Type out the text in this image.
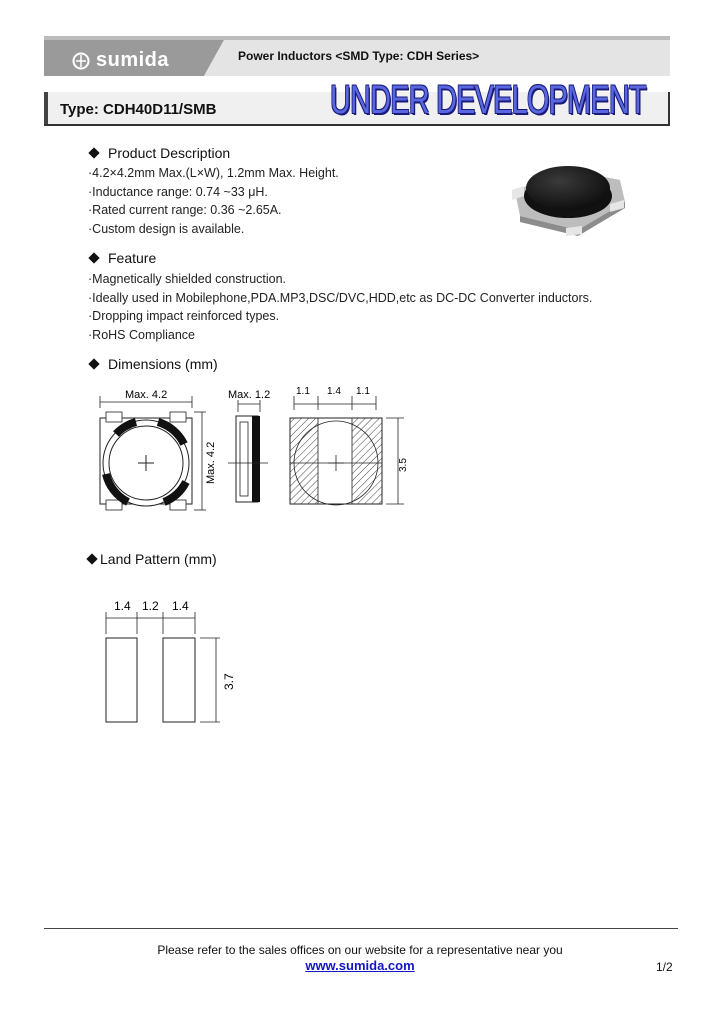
sumida	Power Inductors <SMD Type: CDH Series>
Type: CDH40D11/SMB	UNDER DEVELOPMENT
Product Description
· 4.2×4.2mm Max.(L×W), 1.2mm Max. Height.
· Inductance range: 0.74 ~33 μH.
· Rated current range: 0.36 ~2.65A.
· Custom design is available.
Feature
· Magnetically shielded construction.
· Ideally used in Mobilephone,PDA.MP3,DSC/DVC,HDD,etc as DC-DC Converter inductors.
· Dropping impact reinforced types.
· RoHS Compliance
Dimensions (mm)
Max. 4.2
Max. 4.2
Max. 1.2	1.1 1.4 1.1
3.5
Land Pattern (mm)
1.4 1.2 1.4
3.7
Please refer to the sales offices on our website for a representative near you
www.sumida.com	1/2
